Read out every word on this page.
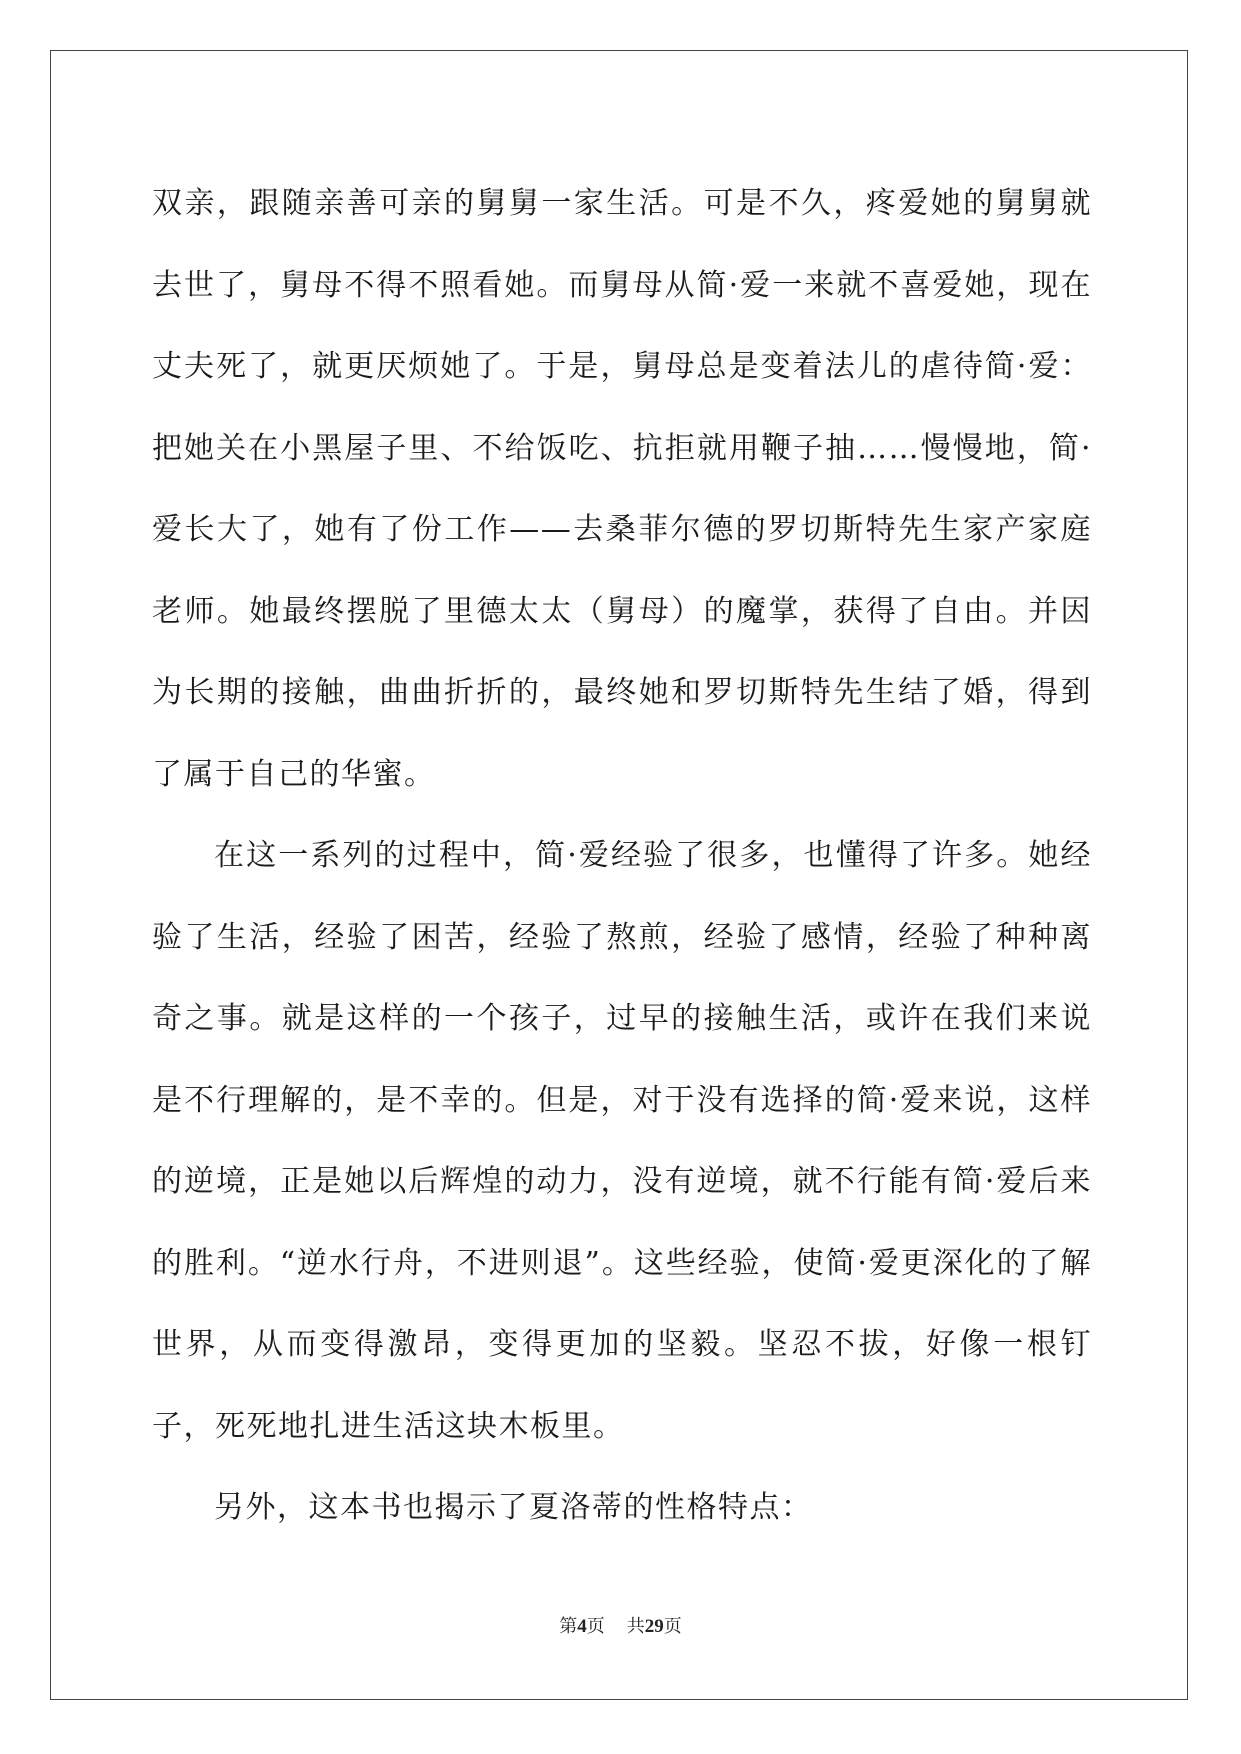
双亲，跟随亲善可亲的舅舅一家生活。可是不久，疼爱她的舅舅就去世了，舅母不得不照看她。而舅母从简·爱一来就不喜爱她，现在丈夫死了，就更厌烦她了。于是，舅母总是变着法儿的虐待简·爱：把她关在小黑屋子里、不给饭吃、抗拒就用鞭子抽……慢慢地，简·爱长大了，她有了份工作——去桑菲尔德的罗切斯特先生家产家庭老师。她最终摆脱了里德太太（舅母）的魔掌，获得了自由。并因为长期的接触，曲曲折折的，最终她和罗切斯特先生结了婚，得到了属于自己的华蜜。

在这一系列的过程中，简·爱经验了很多，也懂得了许多。她经验了生活，经验了困苦，经验了熬煎，经验了感情，经验了种种离奇之事。就是这样的一个孩子，过早的接触生活，或许在我们来说是不行理解的，是不幸的。但是，对于没有选择的简·爱来说，这样的逆境，正是她以后辉煌的动力，没有逆境，就不行能有简·爱后来的胜利。“逆水行舟，不进则退”。这些经验，使简·爱更深化的了解世界，从而变得激昂，变得更加的坚毅。坚忍不拔，好像一根钉子，死死地扎进生活这块木板里。

另外，这本书也揭示了夏洛蒂的性格特点：

第4页 共29页
